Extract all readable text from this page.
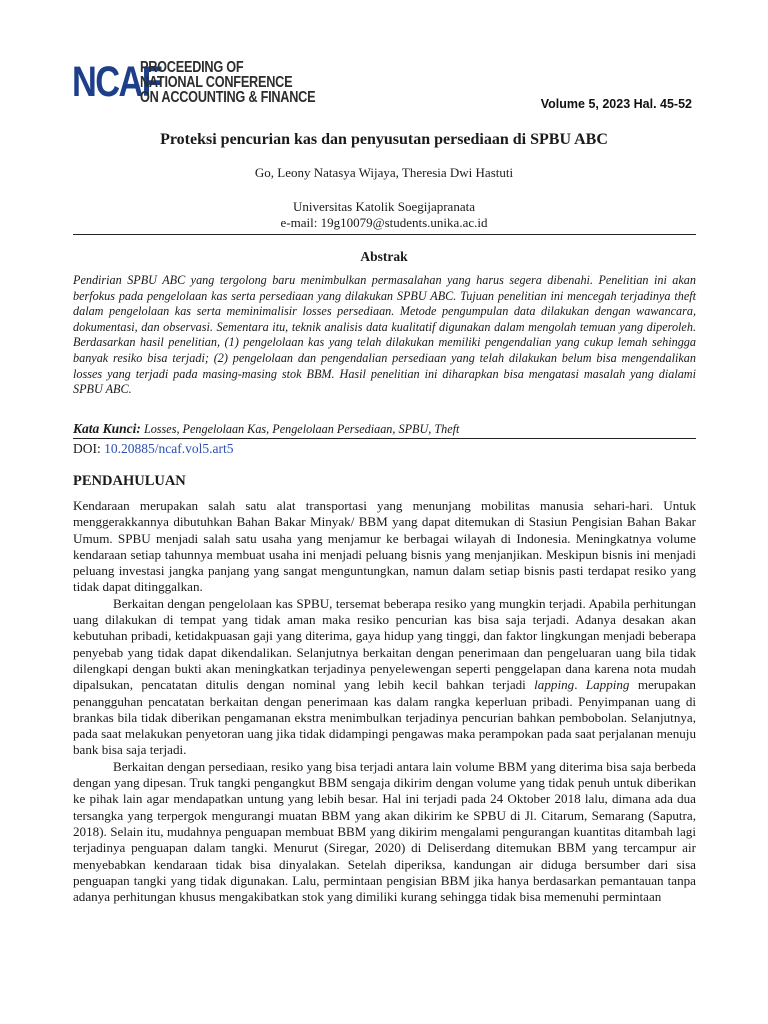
NCAF
PROCEEDING OF
NATIONAL CONFERENCE
ON ACCOUNTING & FINANCE	Volume 5, 2023 Hal. 45-52
Proteksi pencurian kas dan penyusutan persediaan di SPBU ABC
Go, Leony Natasya Wijaya, Theresia Dwi Hastuti
Universitas Katolik Soegijapranata
e-mail: 19g10079@students.unika.ac.id
Abstrak
Pendirian SPBU ABC yang tergolong baru menimbulkan permasalahan yang harus segera dibenahi. Penelitian ini akan berfokus pada pengelolaan kas serta persediaan yang dilakukan SPBU ABC. Tujuan penelitian ini mencegah terjadinya theft dalam pengelolaan kas serta meminimalisir losses persediaan. Metode pengumpulan data dilakukan dengan wawancara, dokumentasi, dan observasi. Sementara itu, teknik analisis data kualitatif digunakan dalam mengolah temuan yang diperoleh. Berdasarkan hasil penelitian, (1) pengelolaan kas yang telah dilakukan memiliki pengendalian yang cukup lemah sehingga banyak resiko bisa terjadi; (2) pengelolaan dan pengendalian persediaan yang telah dilakukan belum bisa mengendalikan losses yang terjadi pada masing-masing stok BBM. Hasil penelitian ini diharapkan bisa mengatasi masalah yang dialami SPBU ABC.
Kata Kunci: Losses, Pengelolaan Kas, Pengelolaan Persediaan, SPBU, Theft
DOI: 10.20885/ncaf.vol5.art5
PENDAHULUAN

Kendaraan merupakan salah satu alat transportasi yang menunjang mobilitas manusia sehari-hari. Untuk menggerakkannya dibutuhkan Bahan Bakar Minyak/ BBM yang dapat ditemukan di Stasiun Pengisian Bahan Bakar Umum. SPBU menjadi salah satu usaha yang menjamur ke berbagai wilayah di Indonesia. Meningkatnya volume kendaraan setiap tahunnya membuat usaha ini menjadi peluang bisnis yang menjanjikan. Meskipun bisnis ini menjadi peluang investasi jangka panjang yang sangat menguntungkan, namun dalam setiap bisnis pasti terdapat resiko yang tidak dapat ditinggalkan.

Berkaitan dengan pengelolaan kas SPBU, tersemat beberapa resiko yang mungkin terjadi. Apabila perhitungan uang dilakukan di tempat yang tidak aman maka resiko pencurian kas bisa saja terjadi. Adanya desakan akan kebutuhan pribadi, ketidakpuasan gaji yang diterima, gaya hidup yang tinggi, dan faktor lingkungan menjadi beberapa penyebab yang tidak dapat dikendalikan. Selanjutnya berkaitan dengan penerimaan dan pengeluaran uang bila tidak dilengkapi dengan bukti akan meningkatkan terjadinya penyelewengan seperti penggelapan dana karena nota mudah dipalsukan, pencatatan ditulis dengan nominal yang lebih kecil bahkan terjadi lapping. Lapping merupakan penangguhan pencatatan berkaitan dengan penerimaan kas dalam rangka keperluan pribadi. Penyimpanan uang di brankas bila tidak diberikan pengamanan ekstra menimbulkan terjadinya pencurian bahkan pembobolan. Selanjutnya, pada saat melakukan penyetoran uang jika tidak didampingi pengawas maka perampokan pada saat perjalanan menuju bank bisa saja terjadi.

Berkaitan dengan persediaan, resiko yang bisa terjadi antara lain volume BBM yang diterima bisa saja berbeda dengan yang dipesan. Truk tangki pengangkut BBM sengaja dikirim dengan volume yang tidak penuh untuk diberikan ke pihak lain agar mendapatkan untung yang lebih besar. Hal ini terjadi pada 24 Oktober 2018 lalu, dimana ada dua tersangka yang terpergok mengurangi muatan BBM yang akan dikirim ke SPBU di Jl. Citarum, Semarang (Saputra, 2018). Selain itu, mudahnya penguapan membuat BBM yang dikirim mengalami pengurangan kuantitas ditambah lagi terjadinya penguapan dalam tangki. Menurut (Siregar, 2020) di Deliserdang ditemukan BBM yang tercampur air menyebabkan kendaraan tidak bisa dinyalakan. Setelah diperiksa, kandungan air diduga bersumber dari sisa penguapan tangki yang tidak digunakan. Lalu, permintaan pengisian BBM jika hanya berdasarkan pemantauan tanpa adanya perhitungan khusus mengakibatkan stok yang dimiliki kurang sehingga tidak bisa memenuhi permintaan
